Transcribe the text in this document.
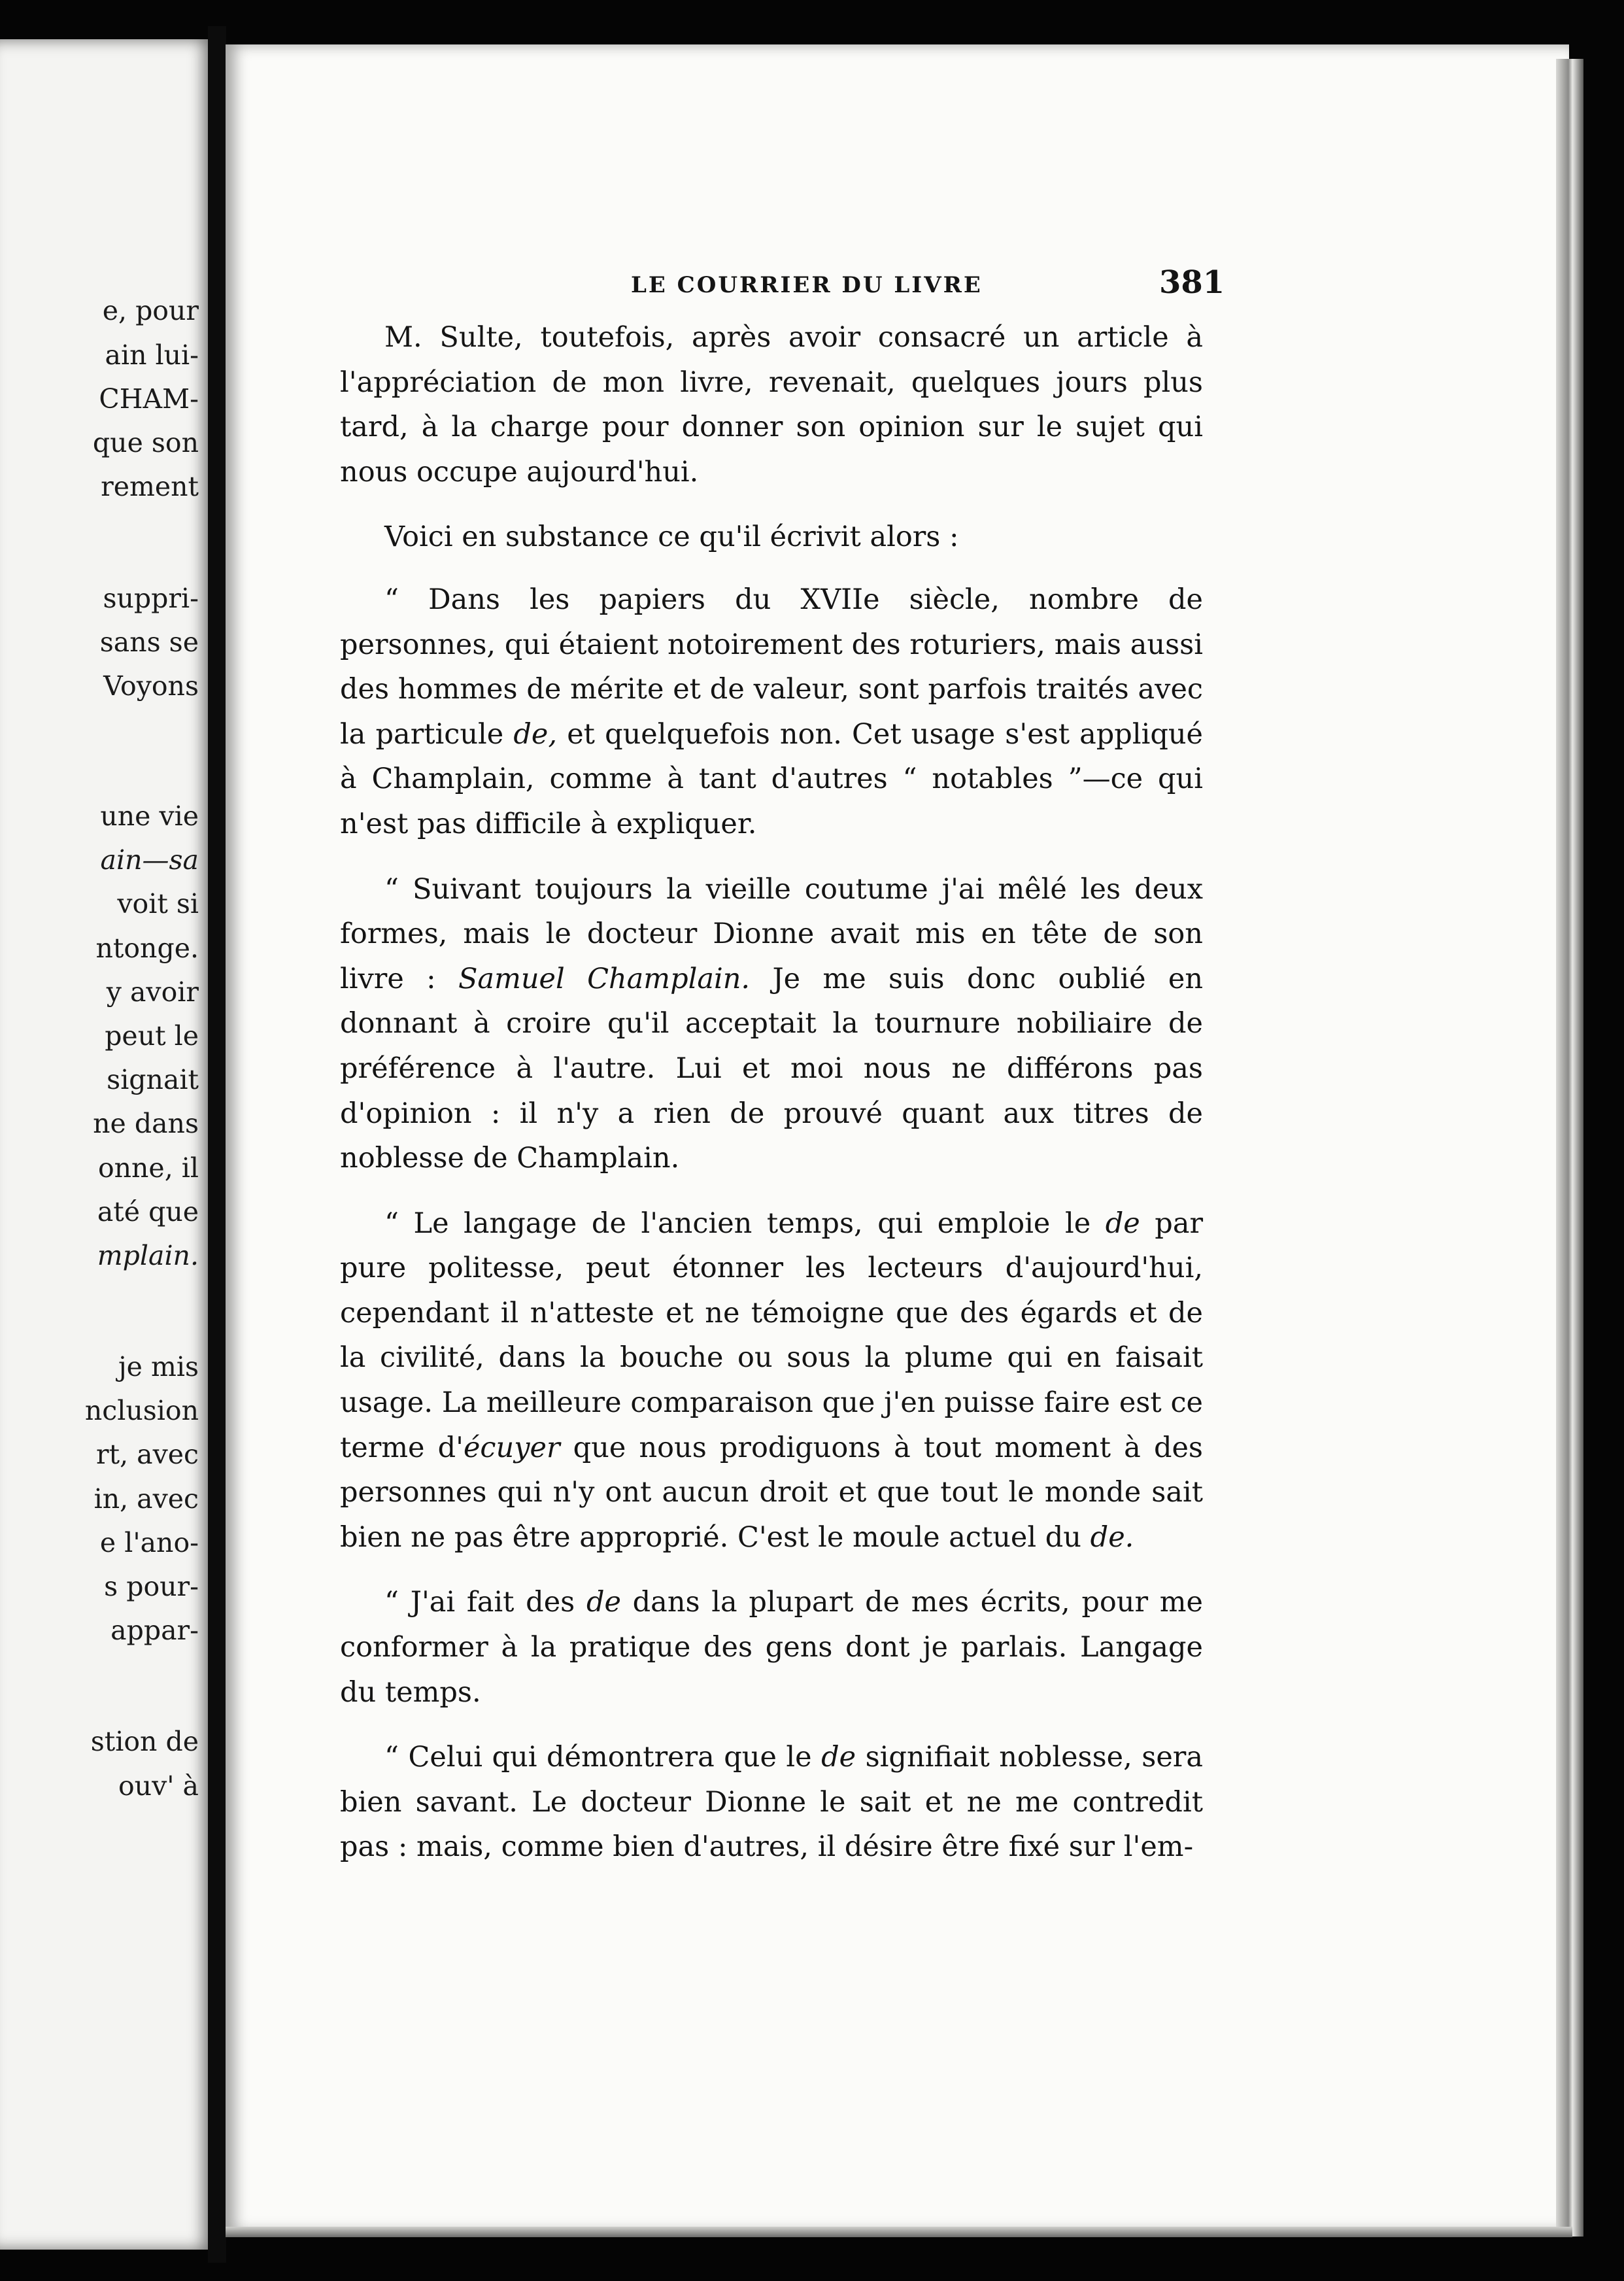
e, pour
ain lui-
CHAM-
que son
rement
suppri-
sans se
Voyons
une vie
ain—sa
voit si
ntonge.
y avoir
peut le
signait
ne dans
onne, il
até que
mplain.
je mis
nclusion
rt, avec
in, avec
e l'ano-
s pour-
appar-
stion de
ouv' à
LE COURRIER DU LIVRE	381

M. Sulte, toutefois, après avoir consacré un article à l'appréciation de mon livre, revenait, quelques jours plus tard, à la charge pour donner son opinion sur le sujet qui nous occupe aujourd'hui.

Voici en substance ce qu'il écrivit alors :

“ Dans les papiers du XVIIe siècle, nombre de personnes, qui étaient notoirement des roturiers, mais aussi des hommes de mérite et de valeur, sont parfois traités avec la particule de, et quelquefois non. Cet usage s'est appliqué à Champlain, comme à tant d'autres “ notables ”—ce qui n'est pas difficile à expliquer.

“ Suivant toujours la vieille coutume j'ai mêlé les deux formes, mais le docteur Dionne avait mis en tête de son livre : Samuel Champlain. Je me suis donc oublié en donnant à croire qu'il acceptait la tournure nobiliaire de préférence à l'autre. Lui et moi nous ne différons pas d'opinion : il n'y a rien de prouvé quant aux titres de noblesse de Champlain.

“ Le langage de l'ancien temps, qui emploie le de par pure politesse, peut étonner les lecteurs d'aujourd'hui, cependant il n'atteste et ne témoigne que des égards et de la civilité, dans la bouche ou sous la plume qui en faisait usage. La meilleure comparaison que j'en puisse faire est ce terme d'écuyer que nous prodiguons à tout moment à des personnes qui n'y ont aucun droit et que tout le monde sait bien ne pas être approprié. C'est le moule actuel du de.

“ J'ai fait des de dans la plupart de mes écrits, pour me conformer à la pratique des gens dont je parlais. Langage du temps.

“ Celui qui démontrera que le de signifiait noblesse, sera bien savant. Le docteur Dionne le sait et ne me contredit pas : mais, comme bien d'autres, il désire être fixé sur l'em-
